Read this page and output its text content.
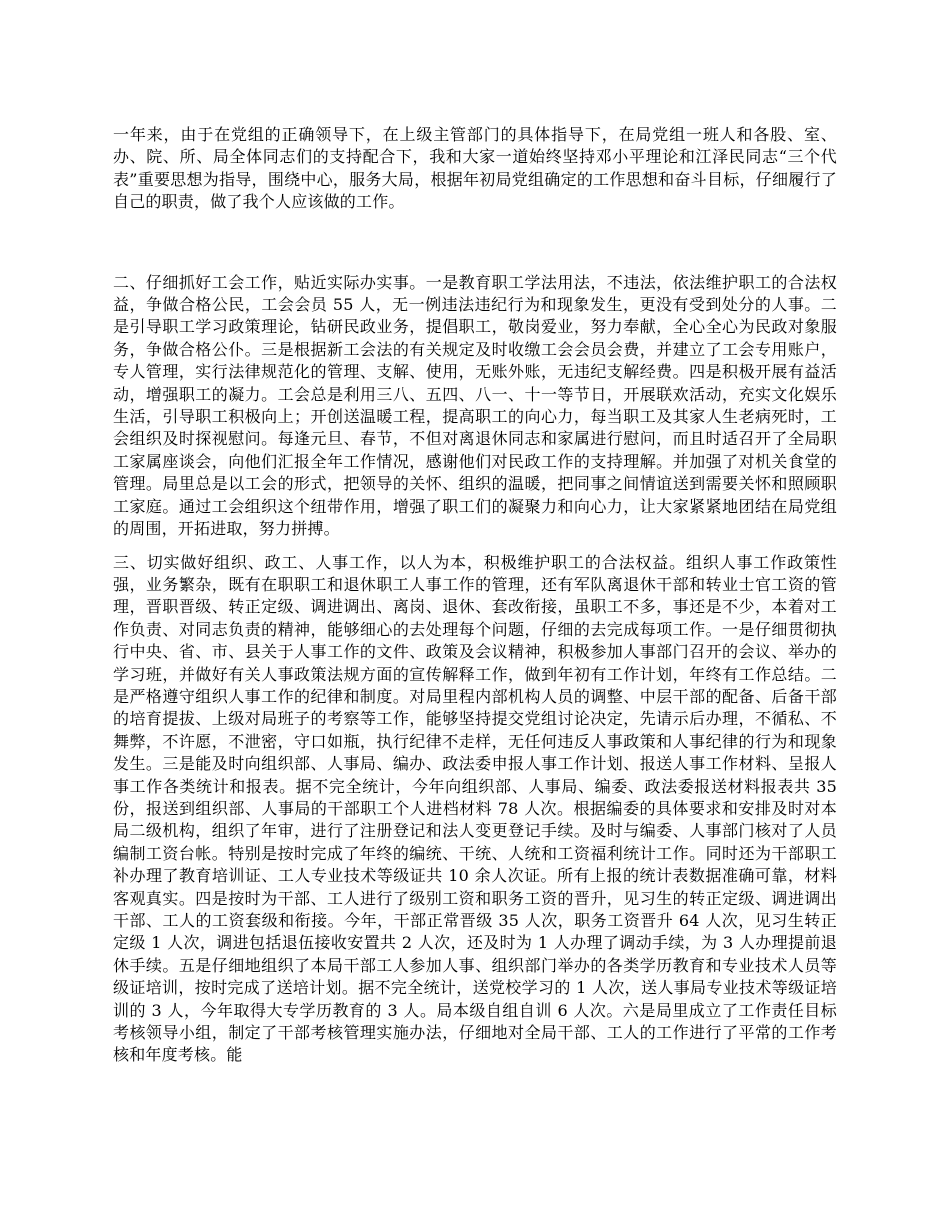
一年来，由于在党组的正确领导下，在上级主管部门的具体指导下，在局党组一班人和各股、室、办、院、所、局全体同志们的支持配合下，我和大家一道始终坚持邓小平理论和江泽民同志“三个代表”重要思想为指导，围绕中心，服务大局，根据年初局党组确定的工作思想和奋斗目标，仔细履行了自己的职责，做了我个人应该做的工作。

二、仔细抓好工会工作，贴近实际办实事。一是教育职工学法用法，不违法，依法维护职工的合法权益，争做合格公民，工会会员 55 人，无一例违法违纪行为和现象发生，更没有受到处分的人事。二是引导职工学习政策理论，钻研民政业务，提倡职工，敬岗爱业，努力奉献，全心全心为民政对象服务，争做合格公仆。三是根据新工会法的有关规定及时收缴工会会员会费，并建立了工会专用账户，专人管理，实行法律规范化的管理、支解、使用，无账外账，无违纪支解经费。四是积极开展有益活动，增强职工的凝力。工会总是利用三八、五四、八一、十一等节日，开展联欢活动，充实文化娱乐生活，引导职工积极向上；开创送温暖工程，提高职工的向心力，每当职工及其家人生老病死时，工会组织及时探视慰问。每逢元旦、春节，不但对离退休同志和家属进行慰问，而且时适召开了全局职工家属座谈会，向他们汇报全年工作情况，感谢他们对民政工作的支持理解。并加强了对机关食堂的管理。局里总是以工会的形式，把领导的关怀、组织的温暖，把同事之间情谊送到需要关怀和照顾职工家庭。通过工会组织这个纽带作用，增强了职工们的凝聚力和向心力，让大家紧紧地团结在局党组的周围，开拓进取，努力拼搏。

三、切实做好组织、政工、人事工作，以人为本，积极维护职工的合法权益。组织人事工作政策性强，业务繁杂，既有在职职工和退休职工人事工作的管理，还有军队离退休干部和转业士官工资的管理，晋职晋级、转正定级、调进调出、离岗、退休、套改衔接，虽职工不多，事还是不少，本着对工作负责、对同志负责的精神，能够细心的去处理每个问题，仔细的去完成每项工作。一是仔细贯彻执行中央、省、市、县关于人事工作的文件、政策及会议精神，积极参加人事部门召开的会议、举办的学习班，并做好有关人事政策法规方面的宣传解释工作，做到年初有工作计划，年终有工作总结。二是严格遵守组织人事工作的纪律和制度。对局里程内部机构人员的调整、中层干部的配备、后备干部的培育提拔、上级对局班子的考察等工作，能够坚持提交党组讨论决定，先请示后办理，不循私、不舞弊，不许愿，不泄密，守口如瓶，执行纪律不走样，无任何违反人事政策和人事纪律的行为和现象发生。三是能及时向组织部、人事局、编办、政法委申报人事工作计划、报送人事工作材料、呈报人事工作各类统计和报表。据不完全统计，今年向组织部、人事局、编委、政法委报送材料报表共 35 份，报送到组织部、人事局的干部职工个人进档材料 78 人次。根据编委的具体要求和安排及时对本局二级机构，组织了年审，进行了注册登记和法人变更登记手续。及时与编委、人事部门核对了人员编制工资台帐。特别是按时完成了年终的编统、干统、人统和工资福利统计工作。同时还为干部职工补办理了教育培训证、工人专业技术等级证共 10 余人次证。所有上报的统计表数据准确可靠，材料客观真实。四是按时为干部、工人进行了级别工资和职务工资的晋升，见习生的转正定级、调进调出干部、工人的工资套级和衔接。今年，干部正常晋级 35 人次，职务工资晋升 64 人次，见习生转正定级 1 人次，调进包括退伍接收安置共 2 人次，还及时为 1 人办理了调动手续，为 3 人办理提前退休手续。五是仔细地组织了本局干部工人参加人事、组织部门举办的各类学历教育和专业技术人员等级证培训，按时完成了送培计划。据不完全统计，送党校学习的 1 人次，送人事局专业技术等级证培训的 3 人，今年取得大专学历教育的 3 人。局本级自组自训 6 人次。六是局里成立了工作责任目标考核领导小组，制定了干部考核管理实施办法，仔细地对全局干部、工人的工作进行了平常的工作考核和年度考核。能
